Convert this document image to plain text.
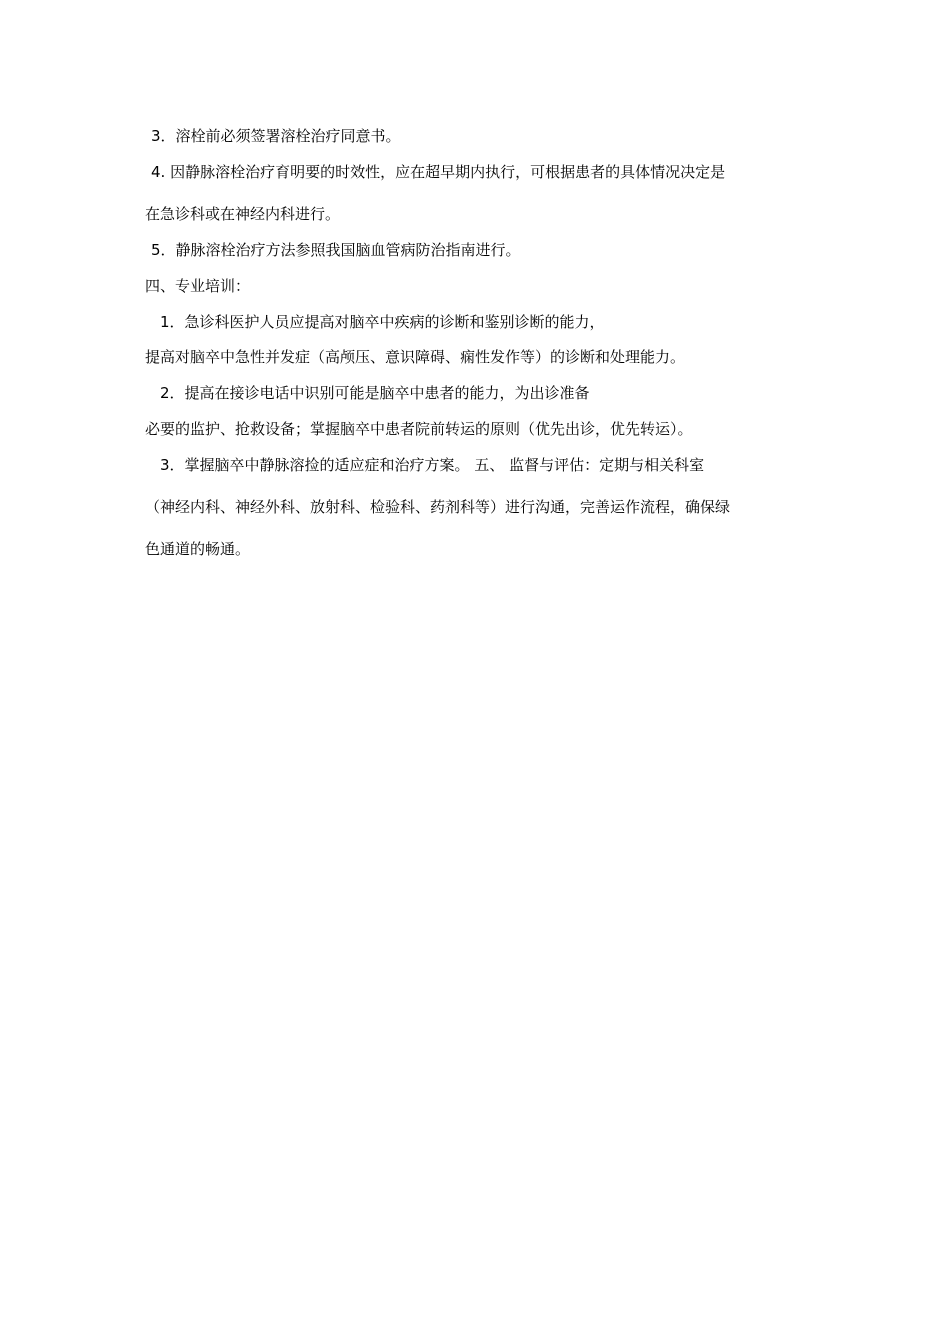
3．溶栓前必须签署溶栓治疗同意书。
4. 因静脉溶栓治疗育明要的时效性，应在超早期内执行，可根据患者的具体情况决定是
在急诊科或在神经内科进行。
5．静脉溶栓治疗方法参照我国脑血管病防治指南进行。
四、专业培训：
1．急诊科医护人员应提高对脑卒中疾病的诊断和鉴别诊断的能力，
提高对脑卒中急性并发症（高颅压、意识障碍、痫性发作等）的诊断和处理能力。
2．提高在接诊电话中识别可能是脑卒中患者的能力，为出诊准备
必要的监护、抢救设备；掌握脑卒中患者院前转运的原则（优先出诊，优先转运）。
3．掌握脑卒中静脉溶捡的适应症和治疗方案。 五、 监督与评估：定期与相关科室
（神经内科、神经外科、放射科、检验科、药剂科等）进行沟通，完善运作流程，确保绿
色通道的畅通。
